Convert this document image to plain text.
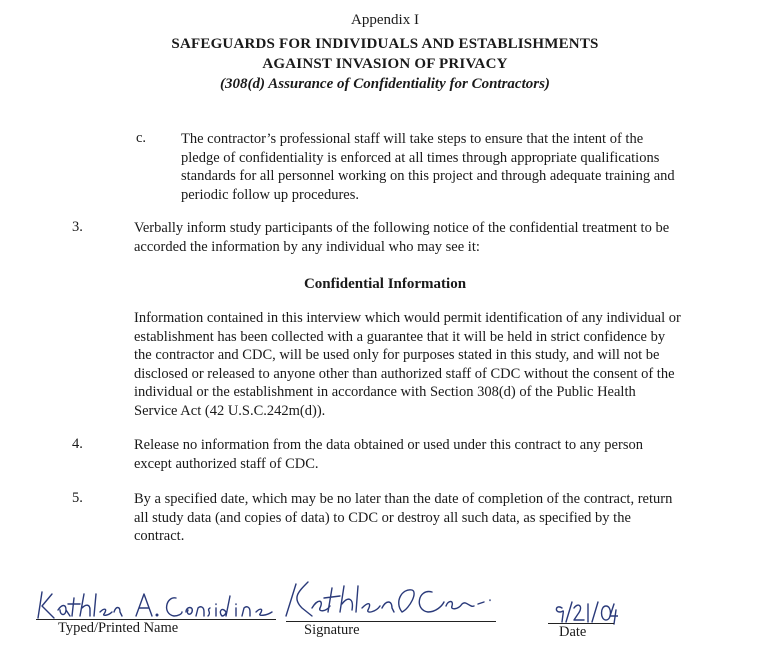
Appendix I
SAFEGUARDS FOR INDIVIDUALS AND ESTABLISHMENTS
AGAINST INVASION OF PRIVACY
(308(d) Assurance of Confidentiality for Contractors)
c. The contractor’s professional staff will take steps to ensure that the intent of the
pledge of confidentiality is enforced at all times through appropriate qualifications
standards for all personnel working on this project and through adequate training and
periodic follow up procedures.
3.	Verbally inform study participants of the following notice of the confidential treatment to be
accorded the information by any individual who may see it:
Confidential Information
Information contained in this interview which would permit identification of any individual or
establishment has been collected with a guarantee that it will be held in strict confidence by
the contractor and CDC, will be used only for purposes stated in this study, and will not be
disclosed or released to anyone other than authorized staff of CDC without the consent of the
individual or the establishment in accordance with Section 308(d) of the Public Health
Service Act (42 U.S.C.242m(d)).
4.	Release no information from the data obtained or used under this contract to any person
except authorized staff of CDC.
5.	By a specified date, which may be no later than the date of completion of the contract, return
all study data (and copies of data) to CDC or destroy all such data, as specified by the
contract.
Typed/Printed Name	Signature	Date
